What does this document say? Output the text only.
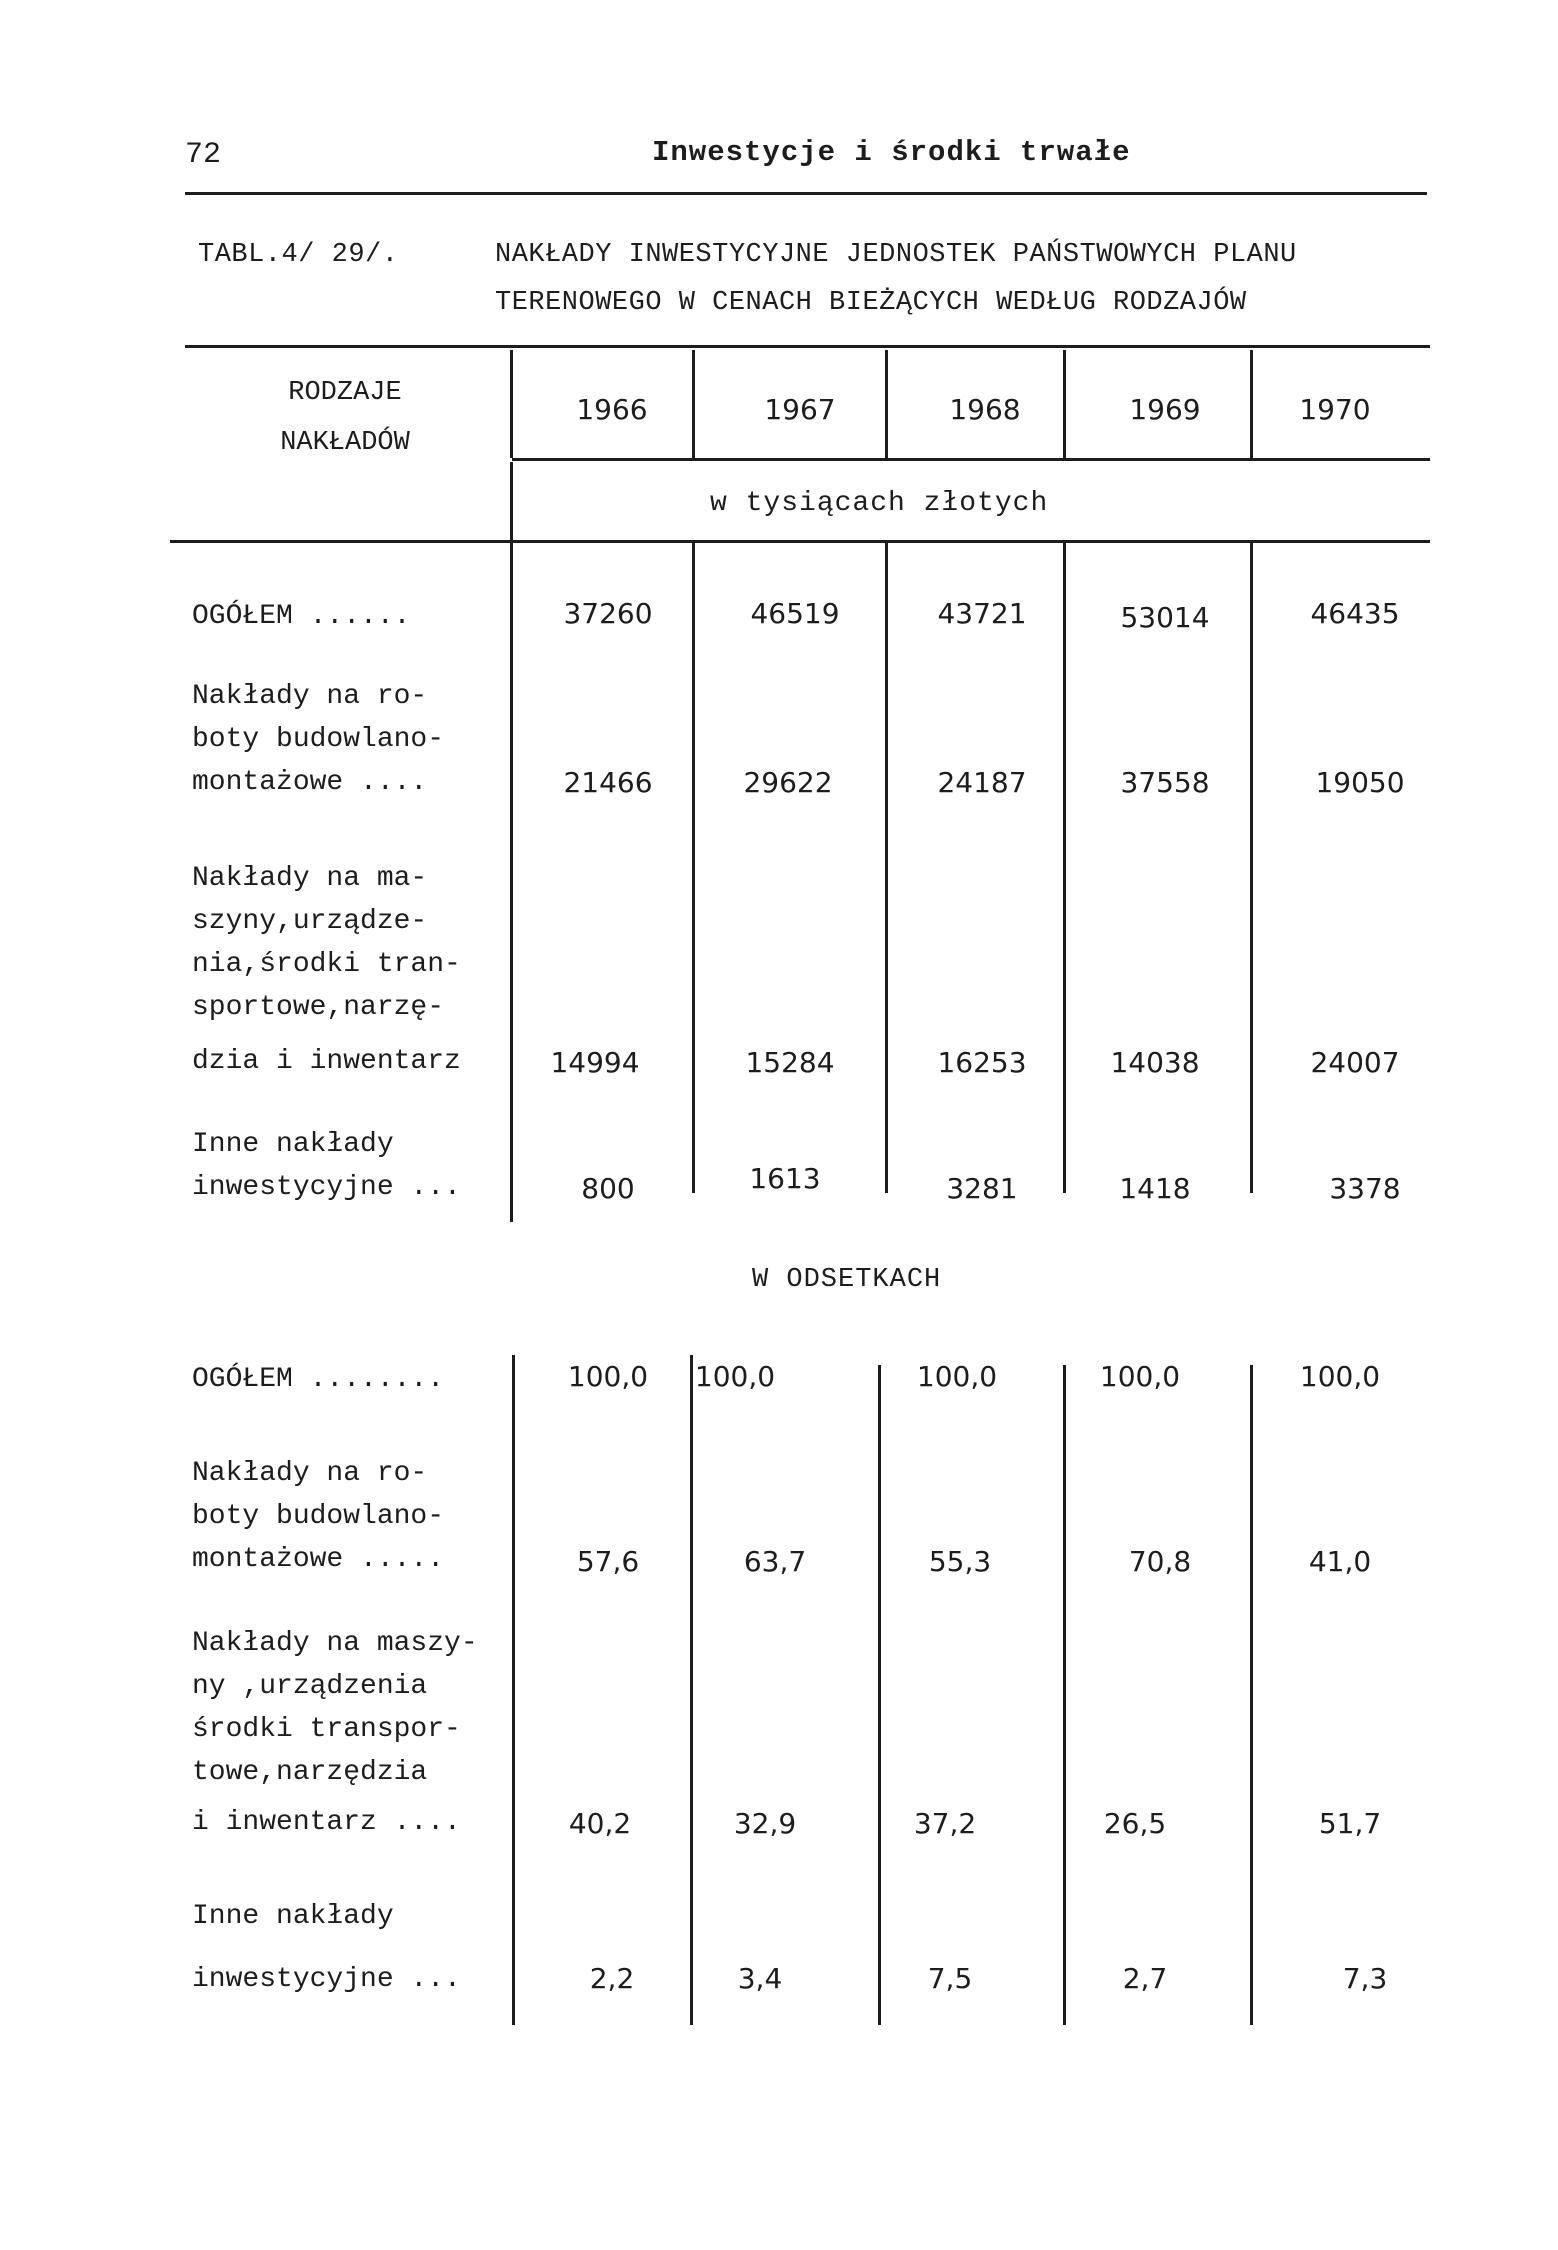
72	Inwestycje i środki trwałe
TABL.4/ 29/.	NAKŁADY INWESTYCYJNE JEDNOSTEK PAŃSTWOWYCH PLANU
TERENOWEGO W CENACH BIEŻĄCYCH WEDŁUG RODZAJÓW
RODZAJE
NAKŁADÓW
1966	1967	1968	1969	1970
w tysiącach złotych
OGÓŁEM ......	37260	46519	43721	53014	46435
Nakłady na ro-
boty budowlano-
montażowe ....	21466	29622	24187	37558	19050
Nakłady na ma-
szyny,urządze-
nia,środki tran-
sportowe,narzę-
dzia i inwentarz	14994	15284	16253	14038	24007
Inne nakłady
inwestycyjne ...	800	1613	3281	1418	3378
W ODSETKACH
OGÓŁEM ........	100,0	100,0	100,0	100,0	100,0
Nakłady na ro-
boty budowlano-
montażowe .....	57,6	63,7	55,3	70,8	41,0
Nakłady na maszy-
ny ,urządzenia
środki transpor-
towe,narzędzia
i inwentarz ....	40,2	32,9	37,2	26,5	51,7
Inne nakłady
inwestycyjne ...	2,2	3,4	7,5	2,7	7,3
